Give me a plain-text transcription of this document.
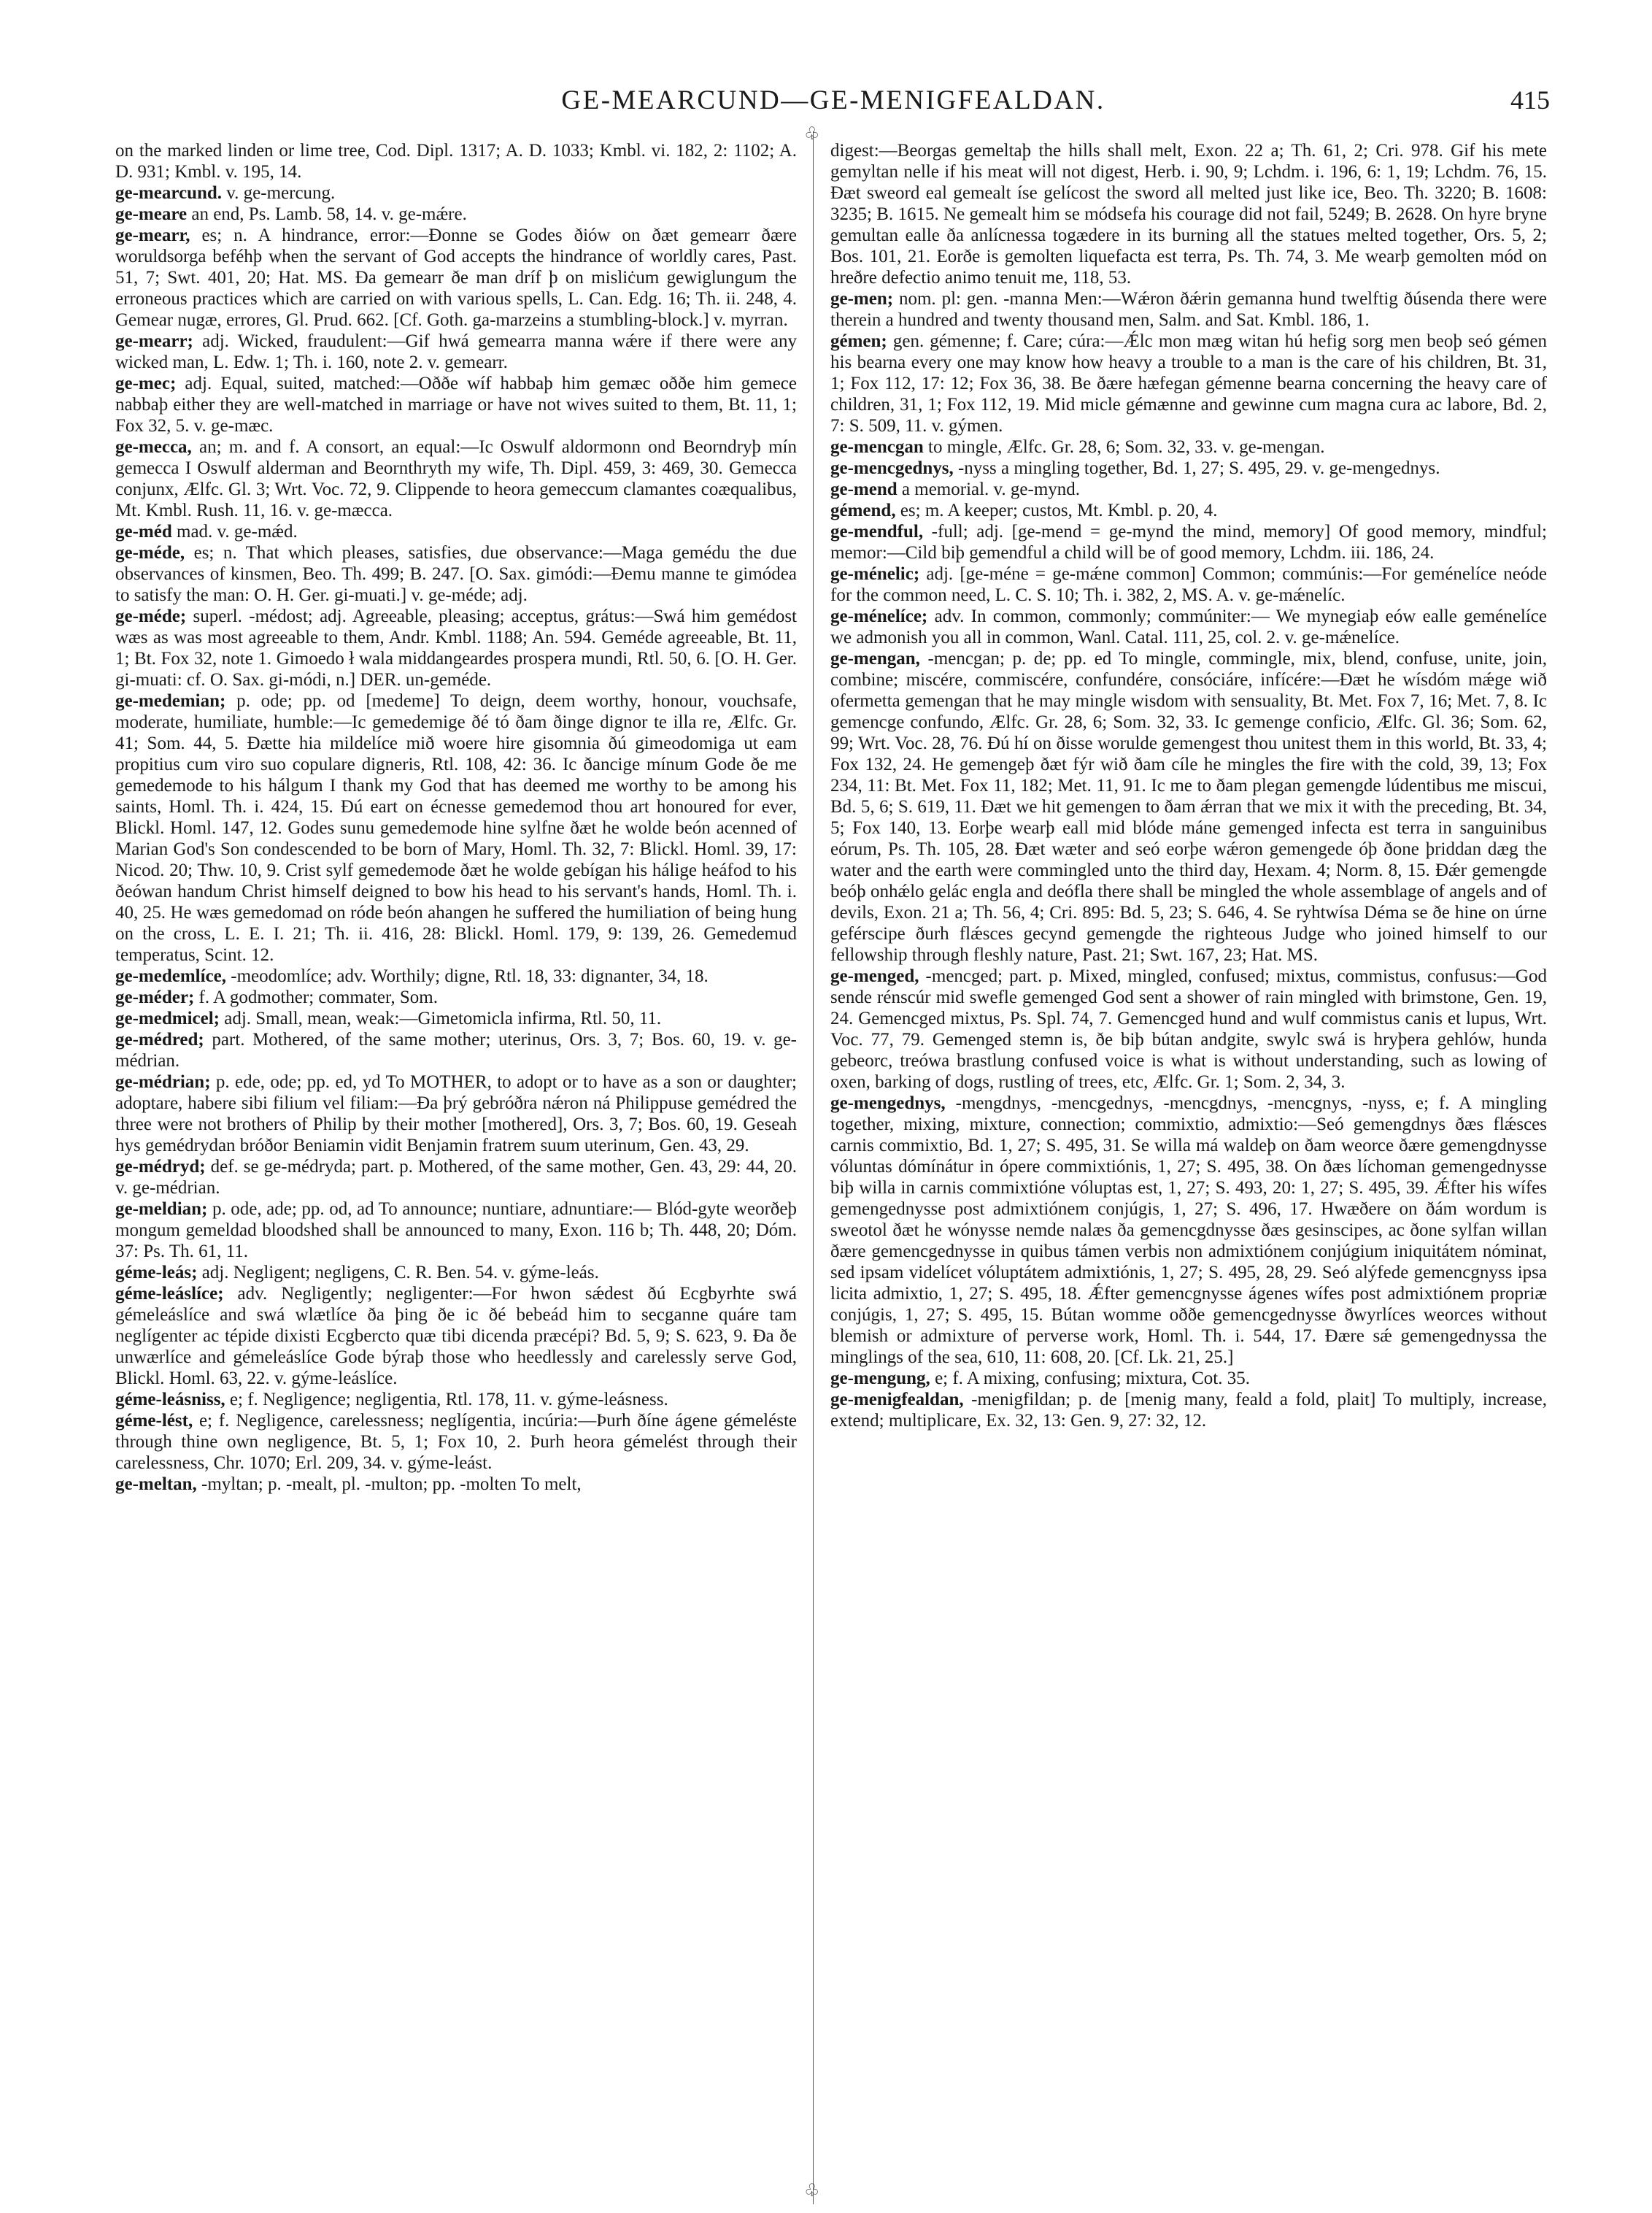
GE-MEARCUND—GE-MENIGFEALDAN.	415
♧
♧

on the marked linden or lime tree, Cod. Dipl. 1317; A. D. 1033; Kmbl. vi. 182, 2: 1102; A. D. 931; Kmbl. v. 195, 14.

ge-mearcund. v. ge-mercung.

ge-meare an end, Ps. Lamb. 58, 14. v. ge-mǽre.

ge-mearr, es; n. A hindrance, error:—Ðonne se Godes ðiów on ðæt gemearr ðære woruldsorga beféhþ when the servant of God accepts the hindrance of worldly cares, Past. 51, 7; Swt. 401, 20; Hat. MS. Ða gemearr ðe man dríf þ on misliċum gewiglungum the erroneous practices which are carried on with various spells, L. Can. Edg. 16; Th. ii. 248, 4. Gemear nugæ, errores, Gl. Prud. 662. [Cf. Goth. ga-marzeins a stumbling-block.] v. myrran.

ge-mearr; adj. Wicked, fraudulent:—Gif hwá gemearra manna wǽre if there were any wicked man, L. Edw. 1; Th. i. 160, note 2. v. gemearr.

ge-mec; adj. Equal, suited, matched:—Oððe wíf habbaþ him gemæc oððe him gemece nabbaþ either they are well-matched in marriage or have not wives suited to them, Bt. 11, 1; Fox 32, 5. v. ge-mæc.

ge-mecca, an; m. and f. A consort, an equal:—Ic Oswulf aldormonn ond Beorndryþ mín gemecca I Oswulf alderman and Beornthryth my wife, Th. Dipl. 459, 3: 469, 30. Gemecca conjunx, Ælfc. Gl. 3; Wrt. Voc. 72, 9. Clippende to heora gemeccum clamantes coæqualibus, Mt. Kmbl. Rush. 11, 16. v. ge-mæcca.

ge-méd mad. v. ge-mǽd.

ge-méde, es; n. That which pleases, satisfies, due observance:—Maga gemédu the due observances of kinsmen, Beo. Th. 499; B. 247. [O. Sax. gimódi:—Ðemu manne te gimódea to satisfy the man: O. H. Ger. gi-muati.] v. ge-méde; adj.

ge-méde; superl. -médost; adj. Agreeable, pleasing; acceptus, grátus:—Swá him gemédost wæs as was most agreeable to them, Andr. Kmbl. 1188; An. 594. Geméde agreeable, Bt. 11, 1; Bt. Fox 32, note 1. Gimoedo ł wala middangeardes prospera mundi, Rtl. 50, 6. [O. H. Ger. gi-muati: cf. O. Sax. gi-módi, n.] DER. un-geméde.

ge-medemian; p. ode; pp. od [medeme] To deign, deem worthy, honour, vouchsafe, moderate, humiliate, humble:—Ic gemedemige ðé tó ðam ðinge dignor te illa re, Ælfc. Gr. 41; Som. 44, 5. Ðætte hia mildelíce mið woere hire gisomnia ðú gimeodomiga ut eam propitius cum viro suo copulare digneris, Rtl. 108, 42: 36. Ic ðancige mínum Gode ðe me gemedemode to his hálgum I thank my God that has deemed me worthy to be among his saints, Homl. Th. i. 424, 15. Ðú eart on écnesse gemedemod thou art honoured for ever, Blickl. Homl. 147, 12. Godes sunu gemedemode hine sylfne ðæt he wolde beón acenned of Marian God's Son condescended to be born of Mary, Homl. Th. 32, 7: Blickl. Homl. 39, 17: Nicod. 20; Thw. 10, 9. Crist sylf gemedemode ðæt he wolde gebígan his hálige heáfod to his ðeówan handum Christ himself deigned to bow his head to his servant's hands, Homl. Th. i. 40, 25. He wæs gemedomad on róde beón ahangen he suffered the humiliation of being hung on the cross, L. E. I. 21; Th. ii. 416, 28: Blickl. Homl. 179, 9: 139, 26. Gemedemud temperatus, Scint. 12.

ge-medemlíce, -meodomlíce; adv. Worthily; digne, Rtl. 18, 33: dignanter, 34, 18.

ge-méder; f. A godmother; commater, Som.

ge-medmicel; adj. Small, mean, weak:—Gimetomicla infirma, Rtl. 50, 11.

ge-médred; part. Mothered, of the same mother; uterinus, Ors. 3, 7; Bos. 60, 19. v. ge-médrian.

ge-médrian; p. ede, ode; pp. ed, yd To MOTHER, to adopt or to have as a son or daughter; adoptare, habere sibi filium vel filiam:—Ða þrý gebróðra nǽron ná Philippuse gemédred the three were not brothers of Philip by their mother [mothered], Ors. 3, 7; Bos. 60, 19. Geseah hys gemédrydan bróðor Beniamin vidit Benjamin fratrem suum uterinum, Gen. 43, 29.

ge-médryd; def. se ge-médryda; part. p. Mothered, of the same mother, Gen. 43, 29: 44, 20. v. ge-médrian.

ge-meldian; p. ode, ade; pp. od, ad To announce; nuntiare, adnuntiare:— Blód-gyte weorðeþ mongum gemeldad bloodshed shall be announced to many, Exon. 116 b; Th. 448, 20; Dóm. 37: Ps. Th. 61, 11.

géme-leás; adj. Negligent; negligens, C. R. Ben. 54. v. gýme-leás.

géme-leáslíce; adv. Negligently; negligenter:—For hwon sǽdest ðú Ecgbyrhte swá gémeleáslíce and swá wlætlíce ða þing ðe ic ðé bebeád him to secganne quáre tam neglígenter ac tépide dixisti Ecgbercto quæ tibi dicenda præcépi? Bd. 5, 9; S. 623, 9. Ða ðe unwærlíce and gémeleáslíce Gode býraþ those who heedlessly and carelessly serve God, Blickl. Homl. 63, 22. v. gýme-leáslíce.

géme-leásniss, e; f. Negligence; negligentia, Rtl. 178, 11. v. gýme-leásness.

géme-lést, e; f. Negligence, carelessness; neglígentia, incúria:—Þurh ðíne ágene gémeléste through thine own negligence, Bt. 5, 1; Fox 10, 2. Þurh heora gémelést through their carelessness, Chr. 1070; Erl. 209, 34. v. gýme-leást.

ge-meltan, -myltan; p. -mealt, pl. -multon; pp. -molten To melt,

digest:—Beorgas gemeltaþ the hills shall melt, Exon. 22 a; Th. 61, 2; Cri. 978. Gif his mete gemyltan nelle if his meat will not digest, Herb. i. 90, 9; Lchdm. i. 196, 6: 1, 19; Lchdm. 76, 15. Ðæt sweord eal gemealt íse gelícost the sword all melted just like ice, Beo. Th. 3220; B. 1608: 3235; B. 1615. Ne gemealt him se módsefa his courage did not fail, 5249; B. 2628. On hyre bryne gemultan ealle ða anlícnessa togædere in its burning all the statues melted together, Ors. 5, 2; Bos. 101, 21. Eorðe is gemolten liquefacta est terra, Ps. Th. 74, 3. Me wearþ gemolten mód on hreðre defectio animo tenuit me, 118, 53.

ge-men; nom. pl: gen. -manna Men:—Wǽron ðǽrin gemanna hund twelftig ðúsenda there were therein a hundred and twenty thousand men, Salm. and Sat. Kmbl. 186, 1.

gémen; gen. gémenne; f. Care; cúra:—Ǽlc mon mæg witan hú hefig sorg men beoþ seó gémen his bearna every one may know how heavy a trouble to a man is the care of his children, Bt. 31, 1; Fox 112, 17: 12; Fox 36, 38. Be ðære hæfegan gémenne bearna concerning the heavy care of children, 31, 1; Fox 112, 19. Mid micle gémænne and gewinne cum magna cura ac labore, Bd. 2, 7: S. 509, 11. v. gýmen.

ge-mencgan to mingle, Ælfc. Gr. 28, 6; Som. 32, 33. v. ge-mengan.

ge-mencgednys, -nyss a mingling together, Bd. 1, 27; S. 495, 29. v. ge-mengednys.

ge-mend a memorial. v. ge-mynd.

gémend, es; m. A keeper; custos, Mt. Kmbl. p. 20, 4.

ge-mendful, -full; adj. [ge-mend = ge-mynd the mind, memory] Of good memory, mindful; memor:—Cild biþ gemendful a child will be of good memory, Lchdm. iii. 186, 24.

ge-ménelic; adj. [ge-méne = ge-mǽne common] Common; commúnis:—For geménelíce neóde for the common need, L. C. S. 10; Th. i. 382, 2, MS. A. v. ge-mǽnelíc.

ge-ménelíce; adv. In common, commonly; commúniter:— We mynegiaþ eów ealle geménelíce we admonish you all in common, Wanl. Catal. 111, 25, col. 2. v. ge-mǽnelíce.

ge-mengan, -mencgan; p. de; pp. ed To mingle, commingle, mix, blend, confuse, unite, join, combine; miscére, commiscére, confundére, consóciáre, infícére:—Ðæt he wísdóm mǽge wið ofermetta gemengan that he may mingle wisdom with sensuality, Bt. Met. Fox 7, 16; Met. 7, 8. Ic gemencge confundo, Ælfc. Gr. 28, 6; Som. 32, 33. Ic gemenge conficio, Ælfc. Gl. 36; Som. 62, 99; Wrt. Voc. 28, 76. Ðú hí on ðisse worulde gemengest thou unitest them in this world, Bt. 33, 4; Fox 132, 24. He gemengeþ ðæt fýr wið ðam cíle he mingles the fire with the cold, 39, 13; Fox 234, 11: Bt. Met. Fox 11, 182; Met. 11, 91. Ic me to ðam plegan gemengde lúdentibus me miscui, Bd. 5, 6; S. 619, 11. Ðæt we hit gemengen to ðam ǽrran that we mix it with the preceding, Bt. 34, 5; Fox 140, 13. Eorþe wearþ eall mid blóde máne gemenged infecta est terra in sanguinibus eórum, Ps. Th. 105, 28. Ðæt wæter and seó eorþe wǽron gemengede óþ ðone þriddan dæg the water and the earth were commingled unto the third day, Hexam. 4; Norm. 8, 15. Ðǽr gemengde beóþ onhǽlo gelác engla and deófla there shall be mingled the whole assemblage of angels and of devils, Exon. 21 a; Th. 56, 4; Cri. 895: Bd. 5, 23; S. 646, 4. Se ryhtwísa Déma se ðe hine on úrne geférscipe ðurh flǽsces gecynd gemengde the righteous Judge who joined himself to our fellowship through fleshly nature, Past. 21; Swt. 167, 23; Hat. MS.

ge-menged, -mencged; part. p. Mixed, mingled, confused; mixtus, commistus, confusus:—God sende rénscúr mid swefle gemenged God sent a shower of rain mingled with brimstone, Gen. 19, 24. Gemencged mixtus, Ps. Spl. 74, 7. Gemencged hund and wulf commistus canis et lupus, Wrt. Voc. 77, 79. Gemenged stemn is, ðe biþ bútan andgite, swylc swá is hryþera gehlów, hunda gebeorc, treówa brastlung confused voice is what is without understanding, such as lowing of oxen, barking of dogs, rustling of trees, etc, Ælfc. Gr. 1; Som. 2, 34, 3.

ge-mengednys, -mengdnys, -mencgednys, -mencgdnys, -mencgnys, -nyss, e; f. A mingling together, mixing, mixture, connection; commixtio, admixtio:—Seó gemengdnys ðæs flǽsces carnis commixtio, Bd. 1, 27; S. 495, 31. Se willa má waldeþ on ðam weorce ðære gemengdnysse vóluntas dómínátur in ópere commixtiónis, 1, 27; S. 495, 38. On ðæs líchoman gemengednysse biþ willa in carnis commixtióne vóluptas est, 1, 27; S. 493, 20: 1, 27; S. 495, 39. Ǽfter his wífes gemengednysse post admixtiónem conjúgis, 1, 27; S. 496, 17. Hwæðere on ðám wordum is sweotol ðæt he wónysse nemde nalæs ða gemencgdnysse ðæs gesinscipes, ac ðone sylfan willan ðære gemencgednysse in quibus támen verbis non admixtiónem conjúgium iniquitátem nóminat, sed ipsam videlícet vóluptátem admixtiónis, 1, 27; S. 495, 28, 29. Seó alýfede gemencgnyss ipsa licita admixtio, 1, 27; S. 495, 18. Ǽfter gemencgnysse ágenes wífes post admixtiónem propriæ conjúgis, 1, 27; S. 495, 15. Bútan womme oððe gemencgednysse ðwyrlíces weorces without blemish or admixture of perverse work, Homl. Th. i. 544, 17. Ðære sǽ gemengednyssa the minglings of the sea, 610, 11: 608, 20. [Cf. Lk. 21, 25.]

ge-mengung, e; f. A mixing, confusing; mixtura, Cot. 35.

ge-menigfealdan, -menigfildan; p. de [menig many, feald a fold, plait] To multiply, increase, extend; multiplicare, Ex. 32, 13: Gen. 9, 27: 32, 12.
